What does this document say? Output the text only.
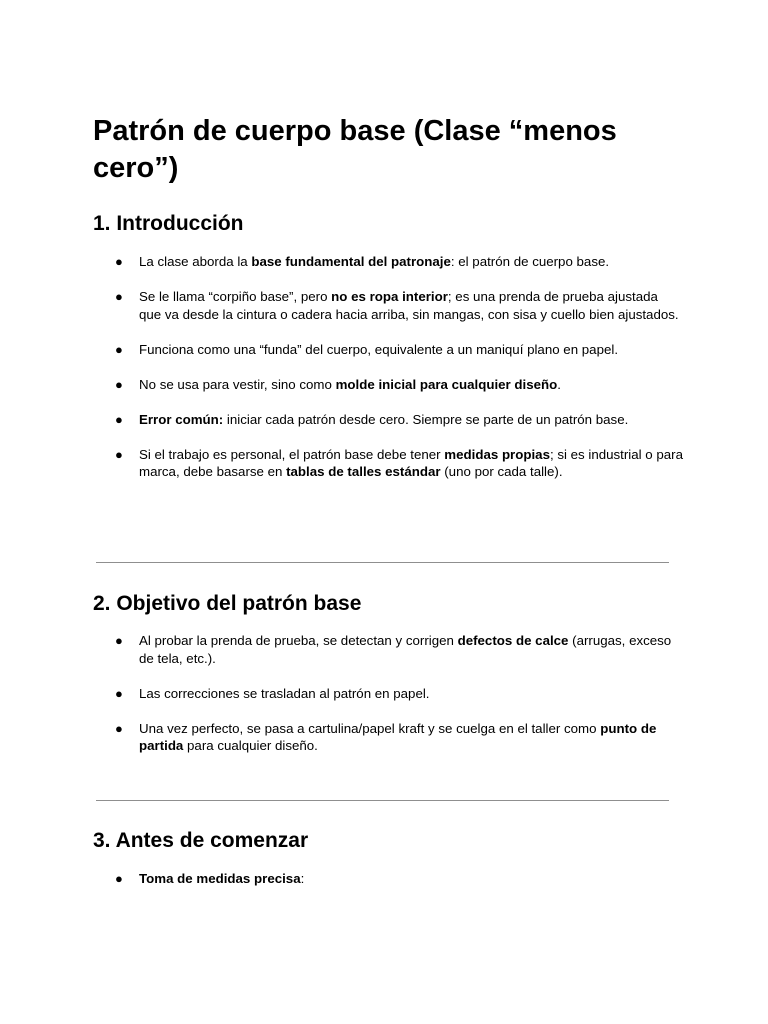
Patrón de cuerpo base (Clase “menos cero”)
1. Introducción
● La clase aborda la base fundamental del patronaje: el patrón de cuerpo base.
● Se le llama “corpiño base”, pero no es ropa interior; es una prenda de prueba ajustada que va desde la cintura o cadera hacia arriba, sin mangas, con sisa y cuello bien ajustados.
● Funciona como una “funda” del cuerpo, equivalente a un maniquí plano en papel.
● No se usa para vestir, sino como molde inicial para cualquier diseño.
● Error común: iniciar cada patrón desde cero. Siempre se parte de un patrón base.
● Si el trabajo es personal, el patrón base debe tener medidas propias; si es industrial o para marca, debe basarse en tablas de talles estándar (uno por cada talle).
2. Objetivo del patrón base
● Al probar la prenda de prueba, se detectan y corrigen defectos de calce (arrugas, exceso de tela, etc.).
● Las correcciones se trasladan al patrón en papel.
● Una vez perfecto, se pasa a cartulina/papel kraft y se cuelga en el taller como punto de partida para cualquier diseño.
3. Antes de comenzar
● Toma de medidas precisa:
